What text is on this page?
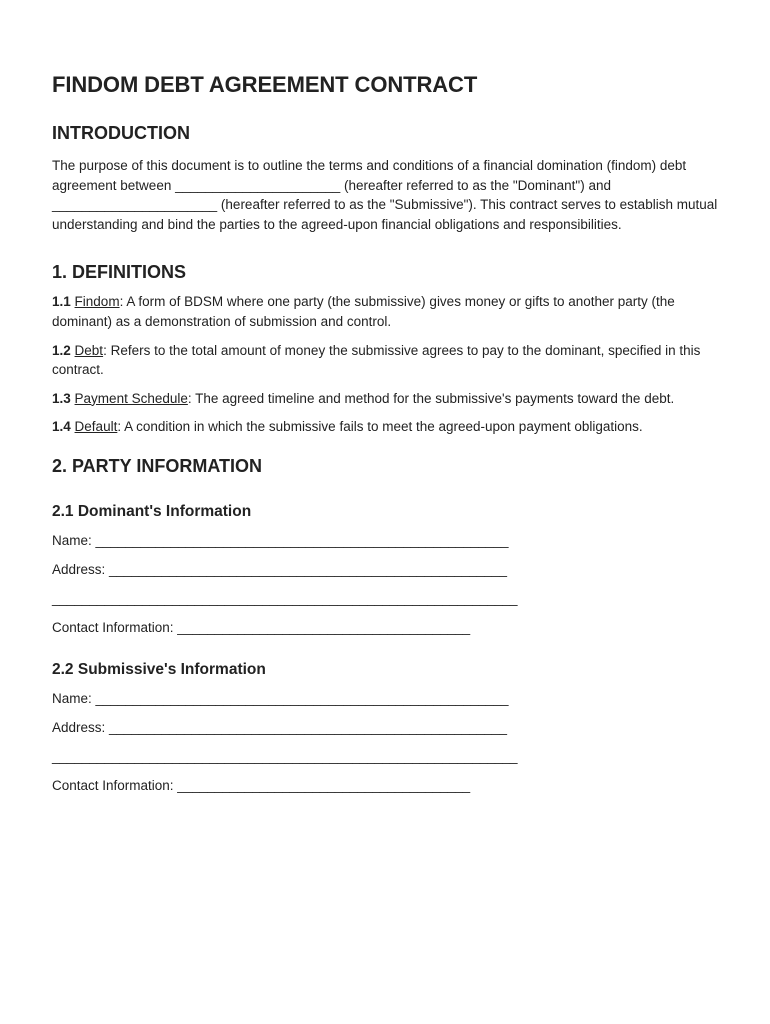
FINDOM DEBT AGREEMENT CONTRACT
INTRODUCTION

The purpose of this document is to outline the terms and conditions of a financial domination (findom) debt agreement between ______________________ (hereafter referred to as the "Dominant") and ______________________ (hereafter referred to as the "Submissive"). This contract serves to establish mutual understanding and bind the parties to the agreed-upon financial obligations and responsibilities.

1. DEFINITIONS

1.1 Findom: A form of BDSM where one party (the submissive) gives money or gifts to another party (the dominant) as a demonstration of submission and control.

1.2 Debt: Refers to the total amount of money the submissive agrees to pay to the dominant, specified in this contract.

1.3 Payment Schedule: The agreed timeline and method for the submissive's payments toward the debt.

1.4 Default: A condition in which the submissive fails to meet the agreed-upon payment obligations.

2. PARTY INFORMATION
2.1 Dominant's Information

Name: _______________________________________________________

Address: _____________________________________________________

______________________________________________________________

Contact Information: _______________________________________

2.2 Submissive's Information

Name: _______________________________________________________

Address: _____________________________________________________

______________________________________________________________

Contact Information: _______________________________________
